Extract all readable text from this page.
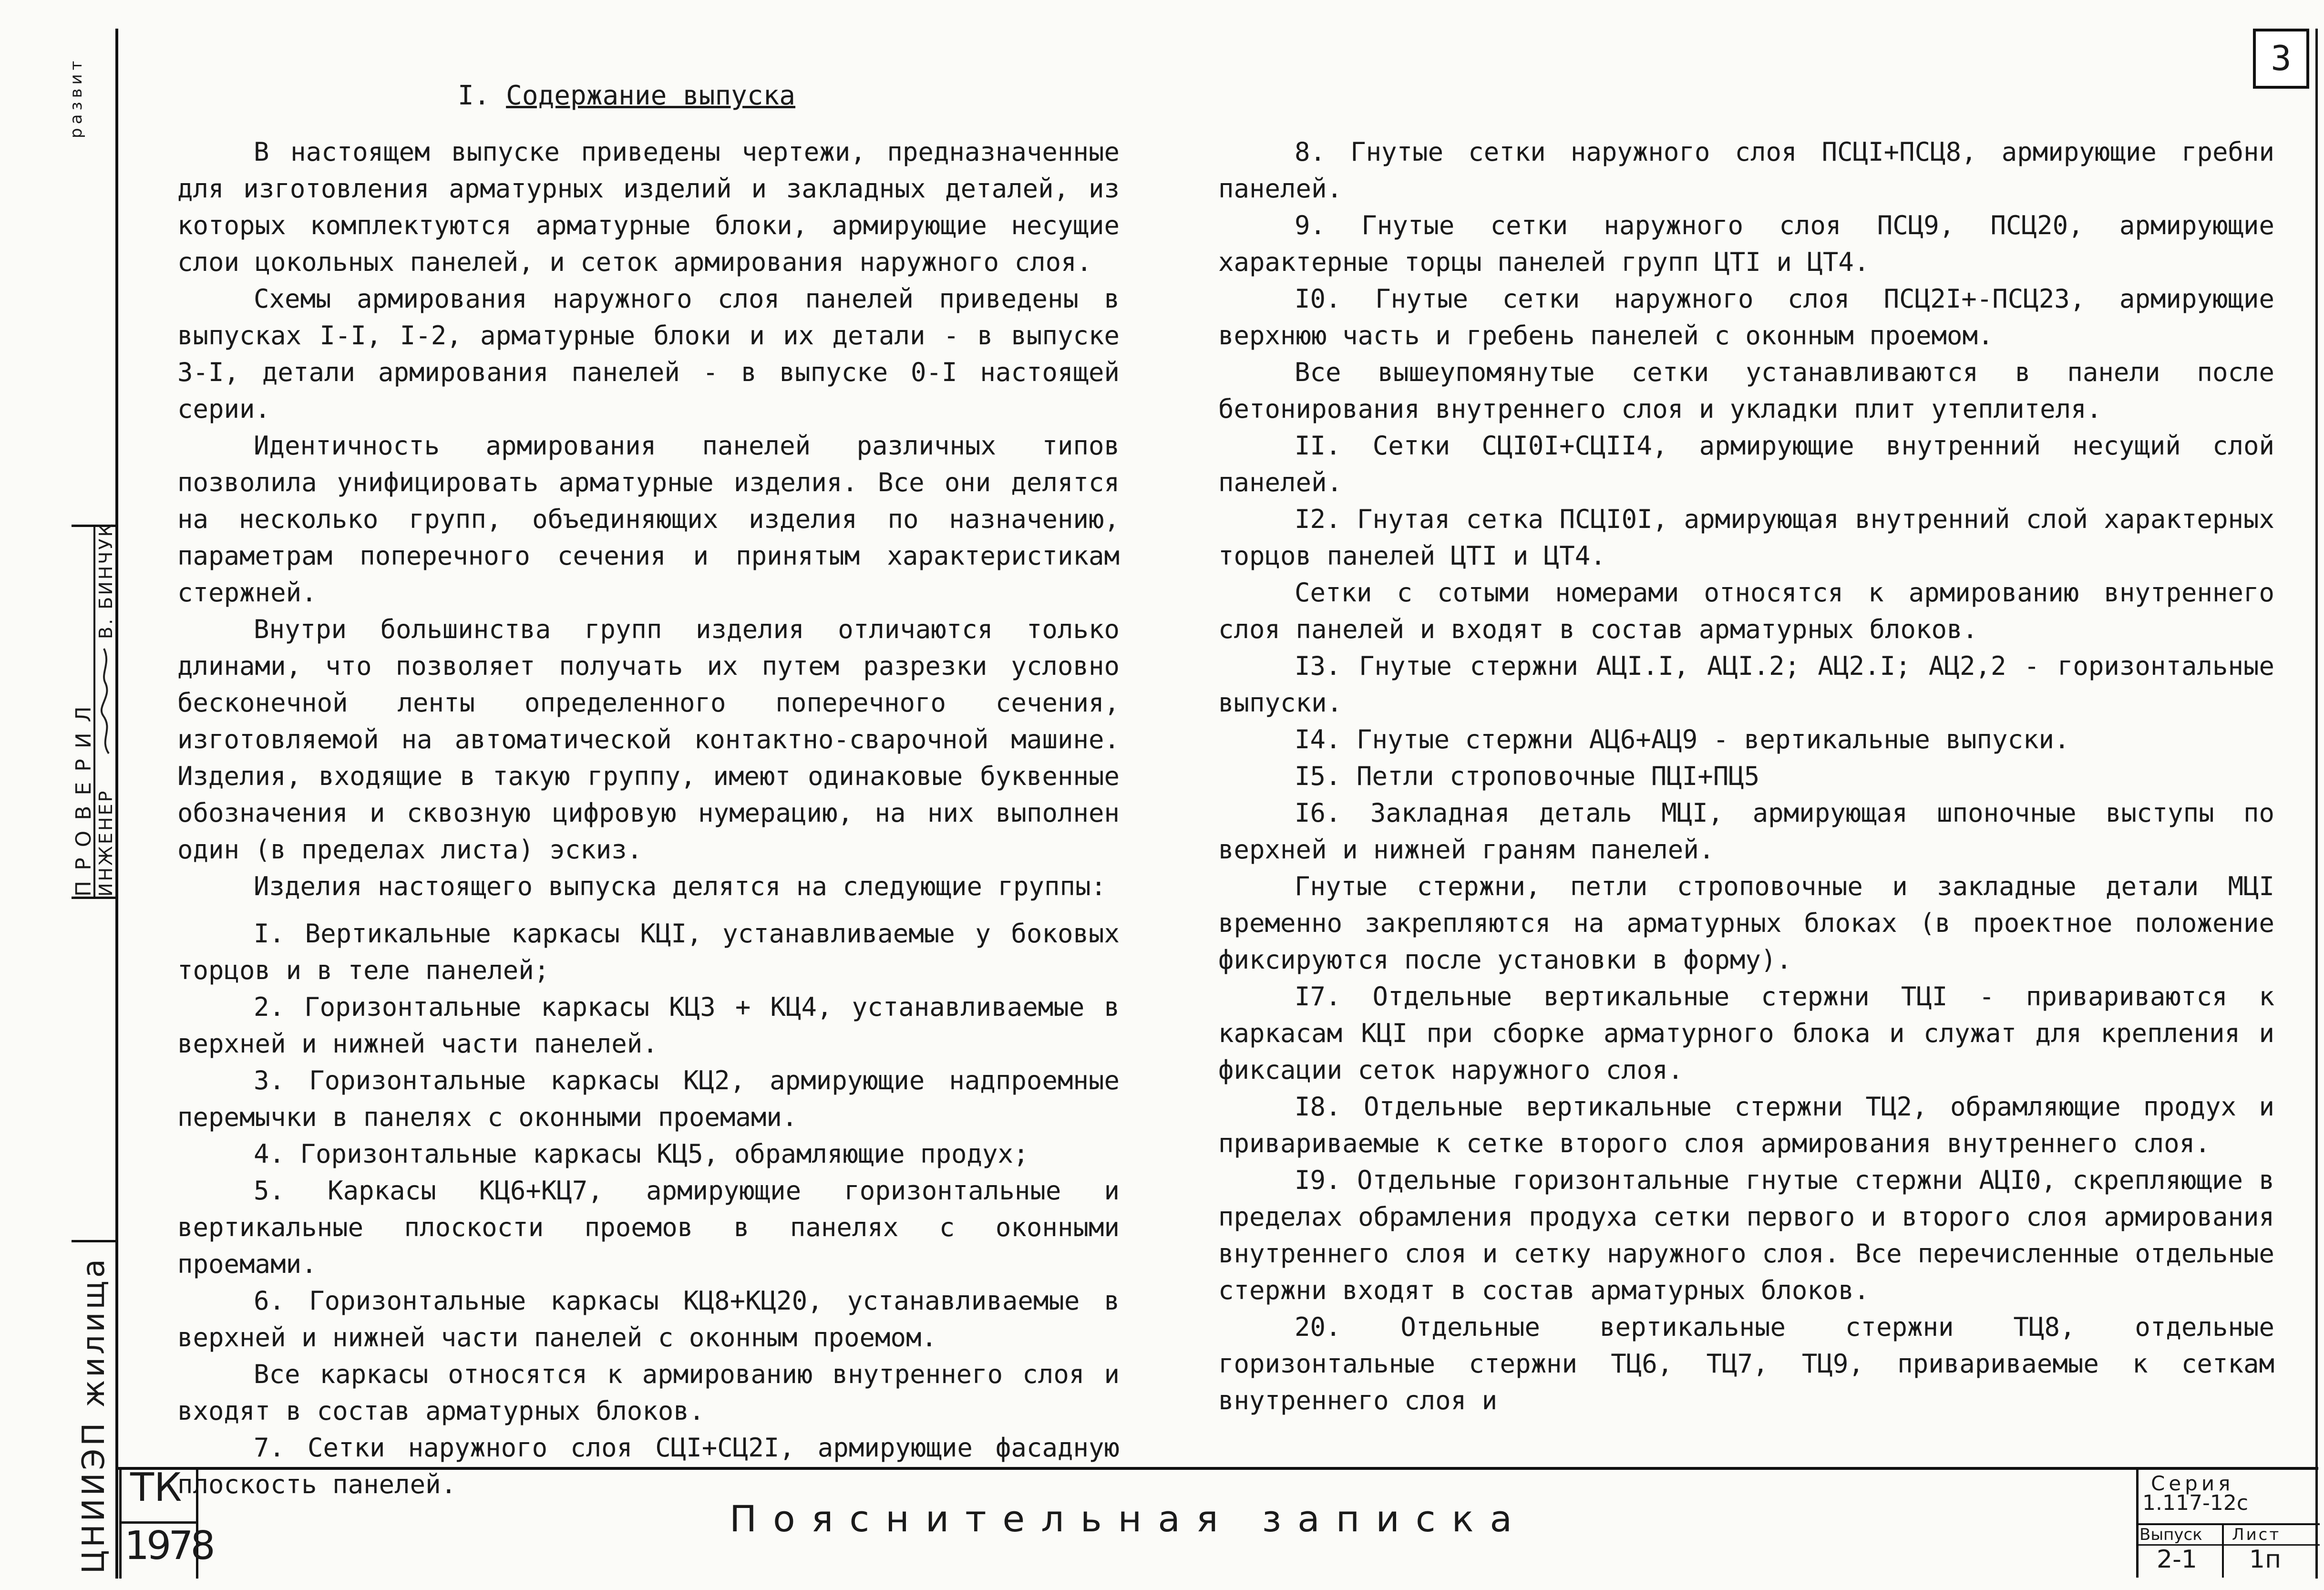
3
развит
ПРОВЕРИЛ ИНЖЕНЕР
В. БИНЧУК
ЦНИИЭП жилища
I. Содержание выпуска

В настоящем выпуске приведены чертежи, предназначенные для изготовления арматурных изделий и закладных деталей, из которых комплектуются арматурные блоки, армирующие несущие слои цокольных панелей, и сеток армирования наружного слоя.

Схемы армирования наружного слоя панелей приведены в выпусках I-I, I-2, арматурные блоки и их детали - в выпуске 3-I, детали армирования панелей - в выпуске 0-I настоящей серии.

Идентичность армирования панелей различных типов позволила унифицировать арматурные изделия. Все они делятся на несколько групп, объединяющих изделия по назначению, параметрам поперечного сечения и принятым характеристикам стержней.

Внутри большинства групп изделия отличаются только длинами, что позволяет получать их путем разрезки условно бесконечной ленты определенного поперечного сечения, изготовляемой на автоматической контактно-сварочной машине. Изделия, входящие в такую группу, имеют одинаковые буквенные обозначения и сквозную цифровую нумерацию, на них выполнен один (в пределах листа) эскиз.

Изделия настоящего выпуска делятся на следующие группы:

I. Вертикальные каркасы КЦI, устанавливаемые у боковых торцов и в теле панелей;

2. Горизонтальные каркасы КЦ3 + КЦ4, устанавливаемые в верхней и нижней части панелей.

3. Горизонтальные каркасы КЦ2, армирующие надпроемные перемычки в панелях с оконными проемами.

4. Горизонтальные каркасы КЦ5, обрамляющие продух;

5. Каркасы КЦ6+КЦ7, армирующие горизонтальные и вертикальные плоскости проемов в панелях с оконными проемами.

6. Горизонтальные каркасы КЦ8+КЦ20, устанавливаемые в верхней и нижней части панелей с оконным проемом.

Все каркасы относятся к армированию внутреннего слоя и входят в состав арматурных блоков.

7. Сетки наружного слоя СЦI+СЦ2I, армирующие фасадную плоскость панелей.

8. Гнутые сетки наружного слоя ПСЦI+ПСЦ8, армирующие гребни панелей.

9. Гнутые сетки наружного слоя ПСЦ9, ПСЦ20, армирующие характерные торцы панелей групп ЦТI и ЦТ4.

I0. Гнутые сетки наружного слоя ПСЦ2I+-ПСЦ23, армирующие верхнюю часть и гребень панелей с оконным проемом.

Все вышеупомянутые сетки устанавливаются в панели после бетонирования внутреннего слоя и укладки плит утеплителя.

II. Сетки СЦI0I+СЦII4, армирующие внутренний несущий слой панелей.

I2. Гнутая сетка ПСЦI0I, армирующая внутренний слой характерных торцов панелей ЦТI и ЦТ4.

Сетки с сотыми номерами относятся к армированию внутреннего слоя панелей и входят в состав арматурных блоков.

I3. Гнутые стержни АЦI.I, АЦI.2; АЦ2.I; АЦ2,2 - горизонтальные выпуски.

I4. Гнутые стержни АЦ6+АЦ9 - вертикальные выпуски.

I5. Петли строповочные ПЦI+ПЦ5

I6. Закладная деталь МЦI, армирующая шпоночные выступы по верхней и нижней граням панелей.

Гнутые стержни, петли строповочные и закладные детали МЦI временно закрепляются на арматурных блоках (в проектное положение фиксируются после установки в форму).

I7. Отдельные вертикальные стержни ТЦI - привариваются к каркасам КЦI при сборке арматурного блока и служат для крепления и фиксации сеток наружного слоя.

I8. Отдельные вертикальные стержни ТЦ2, обрамляющие продух и привариваемые к сетке второго слоя армирования внутреннего слоя.

I9. Отдельные горизонтальные гнутые стержни АЦI0, скрепляющие в пределах обрамления продуха сетки первого и второго слоя армирования внутреннего слоя и сетку наружного слоя. Все перечисленные отдельные стержни входят в состав арматурных блоков.

20. Отдельные вертикальные стержни ТЦ8, отдельные горизонтальные стержни ТЦ6, ТЦ7, ТЦ9, привариваемые к сеткам внутреннего слоя и

ТК
1978
Пояснительная записка
Серия
1.117-12с
Выпуск Лист
2-1 1п
